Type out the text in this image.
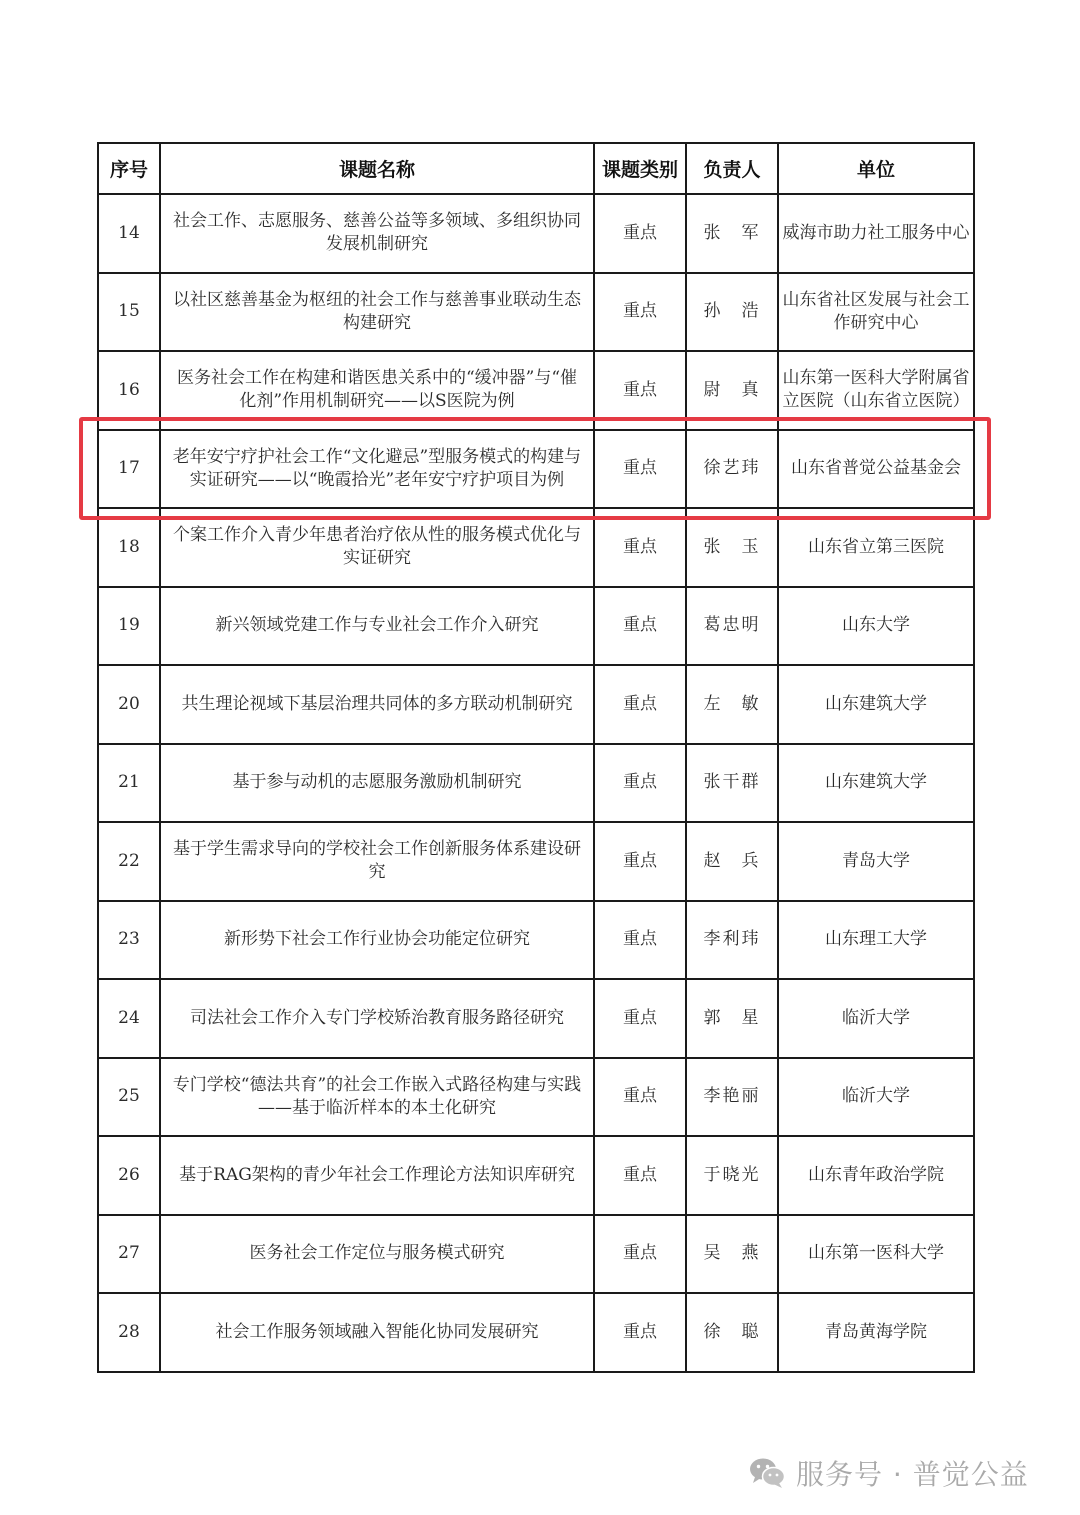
序号	课题名称	课题类别	负责人	单位

14	社会工作、志愿服务、慈善公益等多领域、多组织协同发展机制研究	重点	张　军	威海市助力社工服务中心

15	以社区慈善基金为枢纽的社会工作与慈善事业联动生态构建研究	重点	孙　浩	山东省社区发展与社会工作研究中心

16	医务社会工作在构建和谐医患关系中的“缓冲器”与“催化剂”作用机制研究——以S医院为例	重点	尉　真	山东第一医科大学附属省立医院（山东省立医院）

17	老年安宁疗护社会工作“文化避忌”型服务模式的构建与实证研究——以“晚霞拾光”老年安宁疗护项目为例	重点	徐艺玮	山东省普觉公益基金会

18	个案工作介入青少年患者治疗依从性的服务模式优化与实证研究	重点	张　玉	山东省立第三医院

19	新兴领域党建工作与专业社会工作介入研究	重点	葛忠明	山东大学

20	共生理论视域下基层治理共同体的多方联动机制研究	重点	左　敏	山东建筑大学

21	基于参与动机的志愿服务激励机制研究	重点	张干群	山东建筑大学

22	基于学生需求导向的学校社会工作创新服务体系建设研究	重点	赵　兵	青岛大学

23	新形势下社会工作行业协会功能定位研究	重点	李利玮	山东理工大学

24	司法社会工作介入专门学校矫治教育服务路径研究	重点	郭　星	临沂大学

25	专门学校“德法共育”的社会工作嵌入式路径构建与实践——基于临沂样本的本土化研究	重点	李艳丽	临沂大学

26	基于RAG架构的青少年社会工作理论方法知识库研究	重点	于晓光	山东青年政治学院

27	医务社会工作定位与服务模式研究	重点	吴　燕	山东第一医科大学

28	社会工作服务领域融入智能化协同发展研究	重点	徐　聪	青岛黄海学院
服务号 · 普觉公益
